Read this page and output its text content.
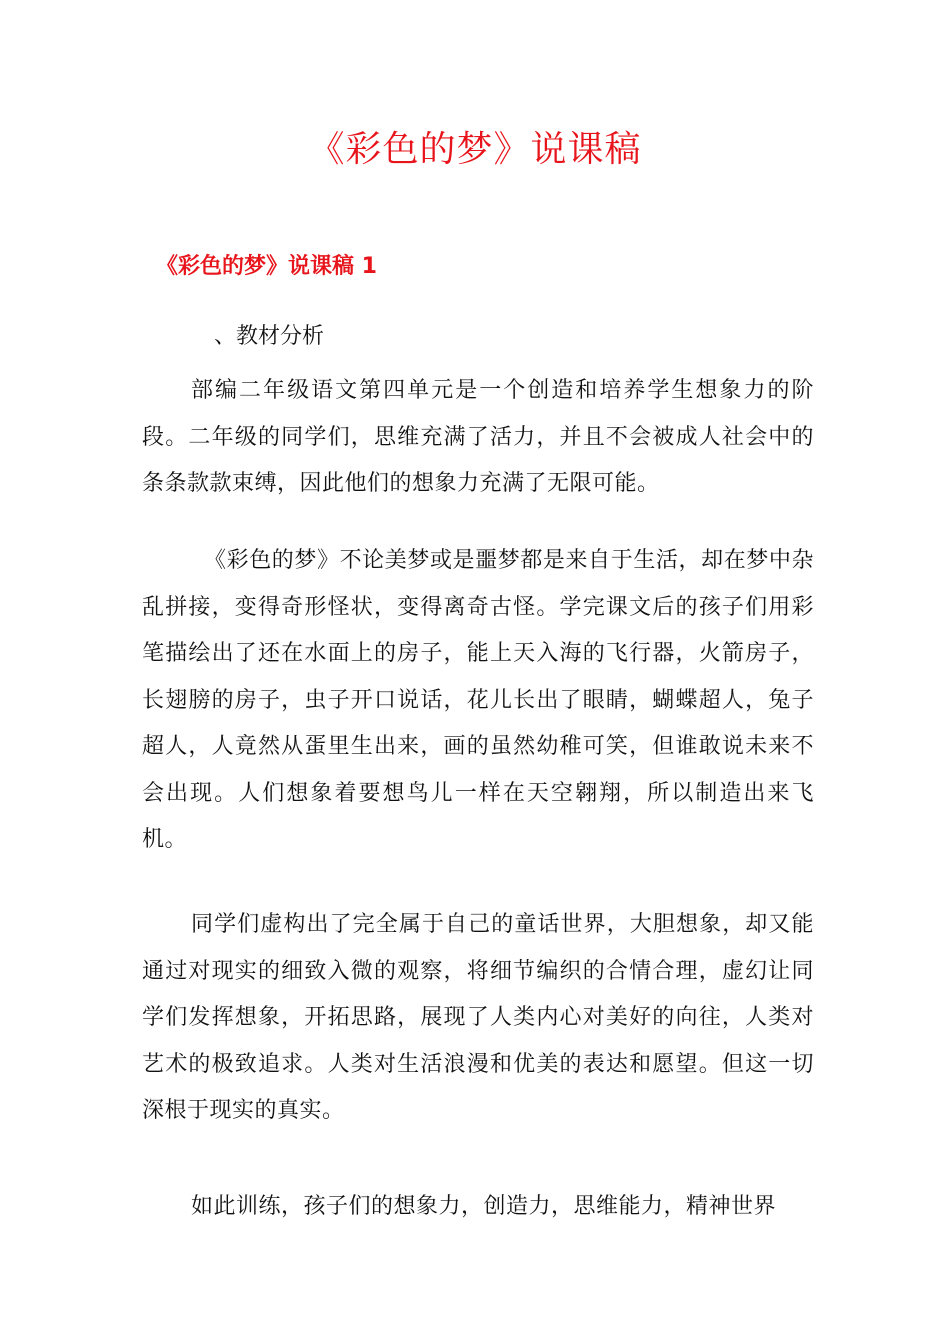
《彩色的梦》说课稿
《彩色的梦》说课稿 1
、教材分析

部编二年级语文第四单元是一个创造和培养学生想象力的阶段。二年级的同学们，思维充满了活力，并且不会被成人社会中的条条款款束缚，因此他们的想象力充满了无限可能。

《彩色的梦》不论美梦或是噩梦都是来自于生活，却在梦中杂乱拼接，变得奇形怪状，变得离奇古怪。学完课文后的孩子们用彩笔描绘出了还在水面上的房子，能上天入海的飞行器，火箭房子，长翅膀的房子，虫子开口说话，花儿长出了眼睛，蝴蝶超人，兔子超人，人竟然从蛋里生出来，画的虽然幼稚可笑，但谁敢说未来不会出现。人们想象着要想鸟儿一样在天空翱翔，所以制造出来飞机。

同学们虚构出了完全属于自己的童话世界，大胆想象，却又能通过对现实的细致入微的观察，将细节编织的合情合理，虚幻让同学们发挥想象，开拓思路，展现了人类内心对美好的向往，人类对艺术的极致追求。人类对生活浪漫和优美的表达和愿望。但这一切深根于现实的真实。

如此训练，孩子们的想象力，创造力，思维能力，精神世界
